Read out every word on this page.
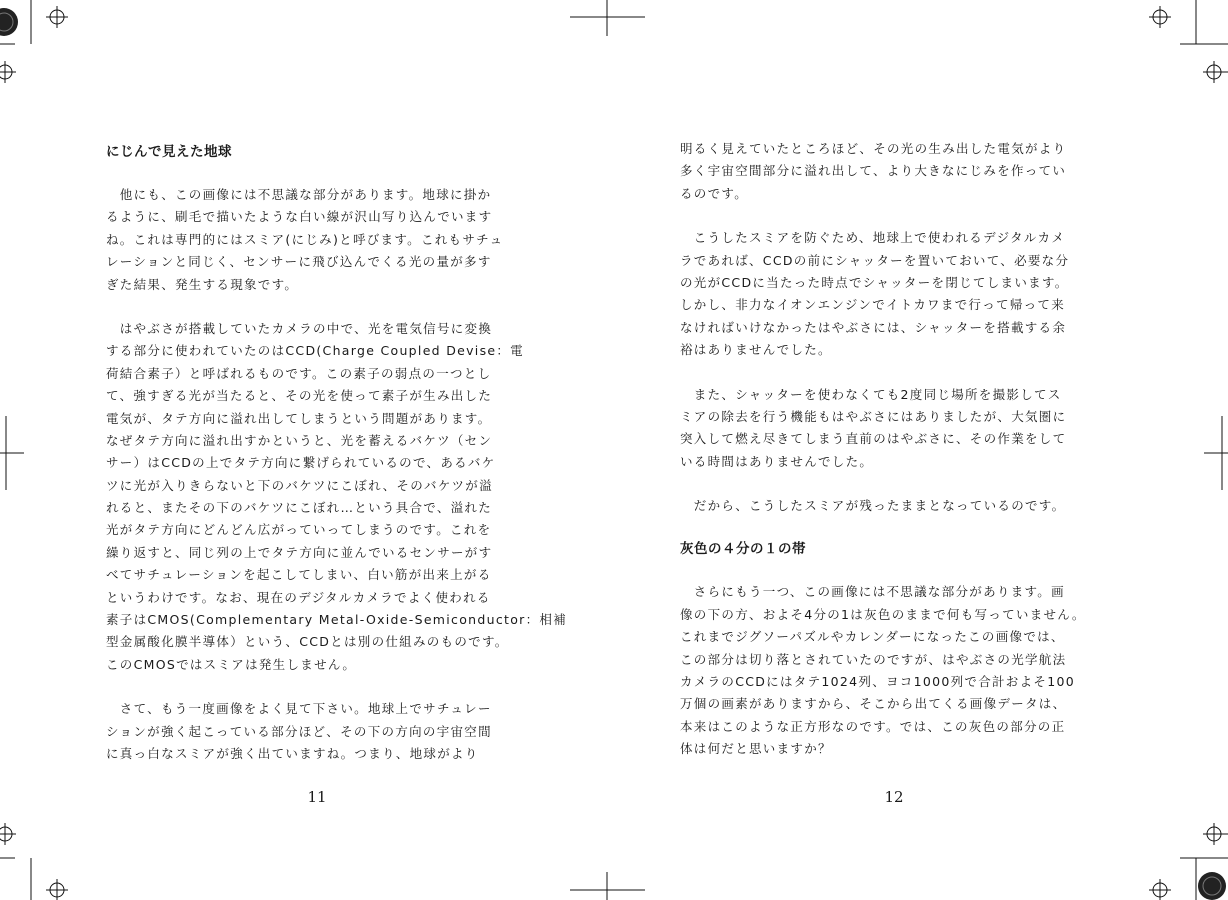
にじんで見えた地球
　他にも、この画像には不思議な部分があります。地球に掛か
るように、刷毛で描いたような白い線が沢山写り込んでいます
ね。これは専門的にはスミア(にじみ)と呼びます。これもサチュ
レーションと同じく、センサーに飛び込んでくる光の量が多す
ぎた結果、発生する現象です。
　はやぶさが搭載していたカメラの中で、光を電気信号に変換
する部分に使われていたのはCCD(Charge Coupled Devise：電
荷結合素子）と呼ばれるものです。この素子の弱点の一つとし
て、強すぎる光が当たると、その光を使って素子が生み出した
電気が、タテ方向に溢れ出してしまうという問題があります。
なぜタテ方向に溢れ出すかというと、光を蓄えるバケツ（セン
サー）はCCDの上でタテ方向に繋げられているので、あるバケ
ツに光が入りきらないと下のバケツにこぼれ、そのバケツが溢
れると、またその下のバケツにこぼれ…という具合で、溢れた
光がタテ方向にどんどん広がっていってしまうのです。これを
繰り返すと、同じ列の上でタテ方向に並んでいるセンサーがす
べてサチュレーションを起こしてしまい、白い筋が出来上がる
というわけです。なお、現在のデジタルカメラでよく使われる
素子はCMOS(Complementary Metal-Oxide-Semiconductor：相補
型金属酸化膜半導体）という、CCDとは別の仕組みのものです。
このCMOSではスミアは発生しません。
　さて、もう一度画像をよく見て下さい。地球上でサチュレー
ションが強く起こっている部分ほど、その下の方向の宇宙空間
に真っ白なスミアが強く出ていますね。つまり、地球がより
11
明るく見えていたところほど、その光の生み出した電気がより
多く宇宙空間部分に溢れ出して、より大きなにじみを作ってい
るのです。
　こうしたスミアを防ぐため、地球上で使われるデジタルカメ
ラであれば、CCDの前にシャッターを置いておいて、必要な分
の光がCCDに当たった時点でシャッターを閉じてしまいます。
しかし、非力なイオンエンジンでイトカワまで行って帰って来
なければいけなかったはやぶさには、シャッターを搭載する余
裕はありませんでした。
　また、シャッターを使わなくても2度同じ場所を撮影してス
ミアの除去を行う機能もはやぶさにはありましたが、大気圏に
突入して燃え尽きてしまう直前のはやぶさに、その作業をして
いる時間はありませんでした。
　だから、こうしたスミアが残ったままとなっているのです。
灰色の４分の１の帯
　さらにもう一つ、この画像には不思議な部分があります。画
像の下の方、およそ4分の1は灰色のままで何も写っていません。
これまでジグソーパズルやカレンダーになったこの画像では、
この部分は切り落とされていたのですが、はやぶさの光学航法
カメラのCCDにはタテ1024列、ヨコ1000列で合計およそ100
万個の画素がありますから、そこから出てくる画像データは、
本来はこのような正方形なのです。では、この灰色の部分の正
体は何だと思いますか？
12
